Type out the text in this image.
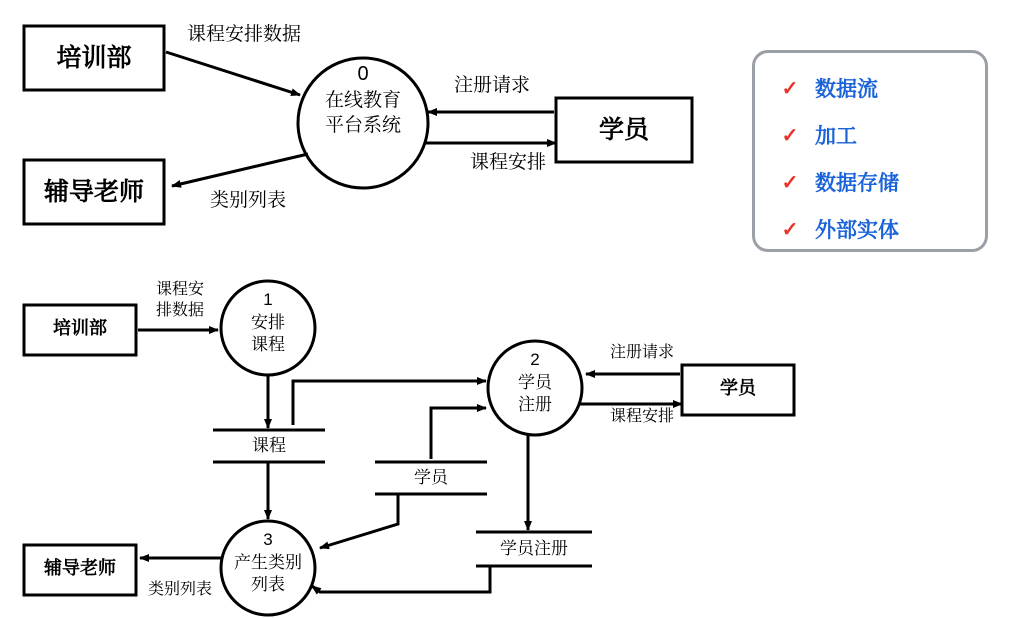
培训部
辅导老师
学员
0
在线教育
平台系统
课程安排数据
注册请求
课程安排
类别列表
培训部
学员
辅导老师
1
安排
课程
2
学员
注册
3
产生类别
列表
课程
学员
学员注册
课程安
排数据
注册请求
课程安排
类别列表
✓ 数据流
✓ 加工
✓ 数据存储
✓ 外部实体
